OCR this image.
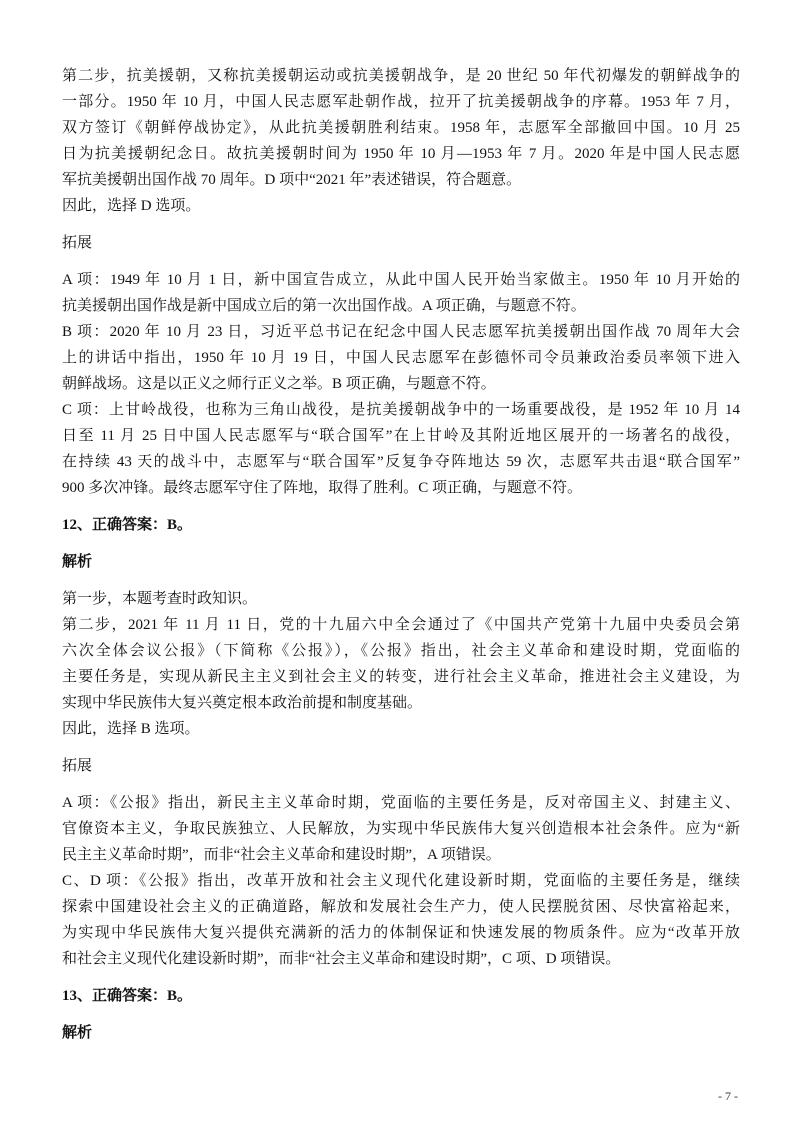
第二步，抗美援朝，又称抗美援朝运动或抗美援朝战争，是 20 世纪 50 年代初爆发的朝鲜战争的
一部分。1950 年 10 月，中国人民志愿军赴朝作战，拉开了抗美援朝战争的序幕。1953 年 7 月，
双方签订《朝鲜停战协定》，从此抗美援朝胜利结束。1958 年，志愿军全部撤回中国。10 月 25
日为抗美援朝纪念日。故抗美援朝时间为 1950 年 10 月—1953 年 7 月。2020 年是中国人民志愿
军抗美援朝出国作战 70 周年。D 项中“2021 年”表述错误，符合题意。
因此，选择 D 选项。
拓展
A 项：1949 年 10 月 1 日，新中国宣告成立，从此中国人民开始当家做主。1950 年 10 月开始的
抗美援朝出国作战是新中国成立后的第一次出国作战。A 项正确，与题意不符。
B 项：2020 年 10 月 23 日，习近平总书记在纪念中国人民志愿军抗美援朝出国作战 70 周年大会
上的讲话中指出，1950 年 10 月 19 日，中国人民志愿军在彭德怀司令员兼政治委员率领下进入
朝鲜战场。这是以正义之师行正义之举。B 项正确，与题意不符。
C 项：上甘岭战役，也称为三角山战役，是抗美援朝战争中的一场重要战役，是 1952 年 10 月 14
日至 11 月 25 日中国人民志愿军与“联合国军”在上甘岭及其附近地区展开的一场著名的战役，
在持续 43 天的战斗中，志愿军与“联合国军”反复争夺阵地达 59 次，志愿军共击退“联合国军”
900 多次冲锋。最终志愿军守住了阵地，取得了胜利。C 项正确，与题意不符。
12、正确答案：B。
解析
第一步，本题考查时政知识。
第二步，2021 年 11 月 11 日，党的十九届六中全会通过了《中国共产党第十九届中央委员会第
六次全体会议公报》（下简称《公报》），《公报》指出，社会主义革命和建设时期，党面临的
主要任务是，实现从新民主主义到社会主义的转变，进行社会主义革命，推进社会主义建设，为
实现中华民族伟大复兴奠定根本政治前提和制度基础。
因此，选择 B 选项。
拓展
A 项：《公报》指出，新民主主义革命时期，党面临的主要任务是，反对帝国主义、封建主义、
官僚资本主义，争取民族独立、人民解放，为实现中华民族伟大复兴创造根本社会条件。应为“新
民主主义革命时期”，而非“社会主义革命和建设时期”，A 项错误。
C、D 项：《公报》指出，改革开放和社会主义现代化建设新时期，党面临的主要任务是，继续
探索中国建设社会主义的正确道路，解放和发展社会生产力，使人民摆脱贫困、尽快富裕起来，
为实现中华民族伟大复兴提供充满新的活力的体制保证和快速发展的物质条件。应为“改革开放
和社会主义现代化建设新时期”，而非“社会主义革命和建设时期”，C 项、D 项错误。
13、正确答案：B。
解析
- 7 -
